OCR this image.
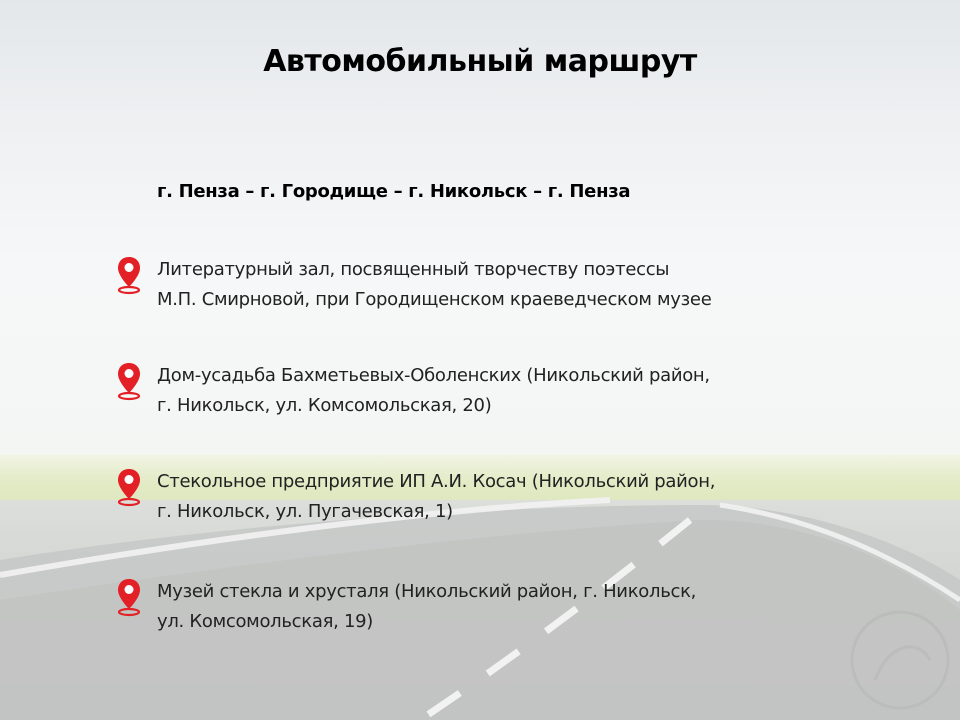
Автомобильный маршрут
г. Пенза – г. Городище – г. Никольск – г. Пенза
Литературный зал, посвященный творчеству поэтессы
М.П. Смирновой, при Городищенском краеведческом музее
Дом-усадьба Бахметьевых-Оболенских (Никольский район,
г. Никольск, ул. Комсомольская, 20)
Стекольное предприятие ИП А.И. Косач (Никольский район,
г. Никольск, ул. Пугачевская, 1)
Музей стекла и хрусталя (Никольский район, г. Никольск,
ул. Комсомольская, 19)
